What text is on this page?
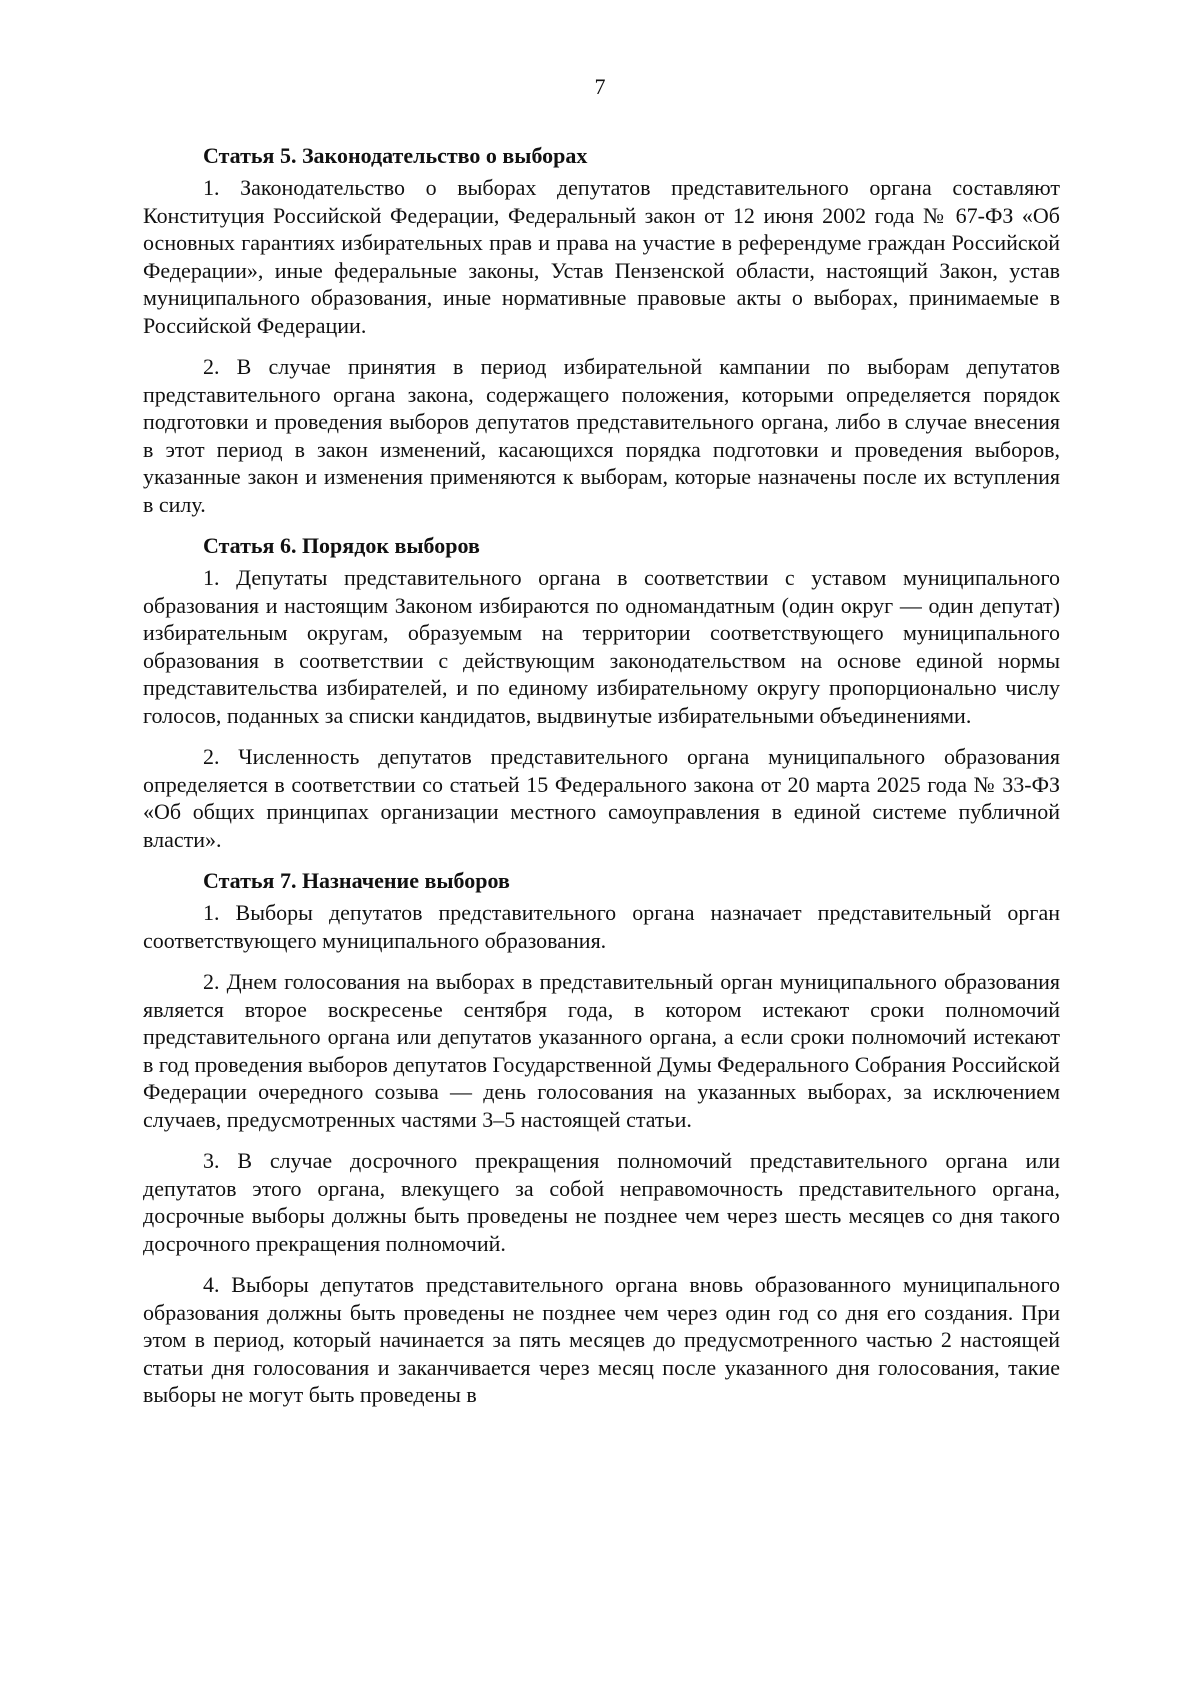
7
Статья 5. Законодательство о выборах

1. Законодательство о выборах депутатов представительного органа составляют Конституция Российской Федерации, Федеральный закон от 12 июня 2002 года № 67-ФЗ «Об основных гарантиях избирательных прав и права на участие в референдуме граждан Российской Федерации», иные федеральные законы, Устав Пензенской области, настоящий Закон, устав муниципального образования, иные нормативные правовые акты о выборах, принимаемые в Российской Федерации.

2. В случае принятия в период избирательной кампании по выборам депутатов представительного органа закона, содержащего положения, которыми определяется порядок подготовки и проведения выборов депутатов представительного органа, либо в случае внесения в этот период в закон изменений, касающихся порядка подготовки и проведения выборов, указанные закон и изменения применяются к выборам, которые назначены после их вступления в силу.

Статья 6. Порядок выборов

1. Депутаты представительного органа в соответствии с уставом муниципального образования и настоящим Законом избираются по одномандатным (один округ — один депутат) избирательным округам, образуемым на территории соответствующего муниципального образования в соответствии с действующим законодательством на основе единой нормы представительства избирателей, и по единому избирательному округу пропорционально числу голосов, поданных за списки кандидатов, выдвинутые избирательными объединениями.

2. Численность депутатов представительного органа муниципального образования определяется в соответствии со статьей 15 Федерального закона от 20 марта 2025 года № 33-ФЗ «Об общих принципах организации местного самоуправления в единой системе публичной власти».

Статья 7. Назначение выборов

1. Выборы депутатов представительного органа назначает представительный орган соответствующего муниципального образования.

2. Днем голосования на выборах в представительный орган муниципального образования является второе воскресенье сентября года, в котором истекают сроки полномочий представительного органа или депутатов указанного органа, а если сроки полномочий истекают в год проведения выборов депутатов Государственной Думы Федерального Собрания Российской Федерации очередного созыва — день голосования на указанных выборах, за исключением случаев, предусмотренных частями 3–5 настоящей статьи.

3. В случае досрочного прекращения полномочий представительного органа или депутатов этого органа, влекущего за собой неправомочность представительного органа, досрочные выборы должны быть проведены не позднее чем через шесть месяцев со дня такого досрочного прекращения полномочий.

4. Выборы депутатов представительного органа вновь образованного муниципального образования должны быть проведены не позднее чем через один год со дня его создания. При этом в период, который начинается за пять месяцев до предусмотренного частью 2 настоящей статьи дня голосования и заканчивается через месяц после указанного дня голосования, такие выборы не могут быть проведены в
